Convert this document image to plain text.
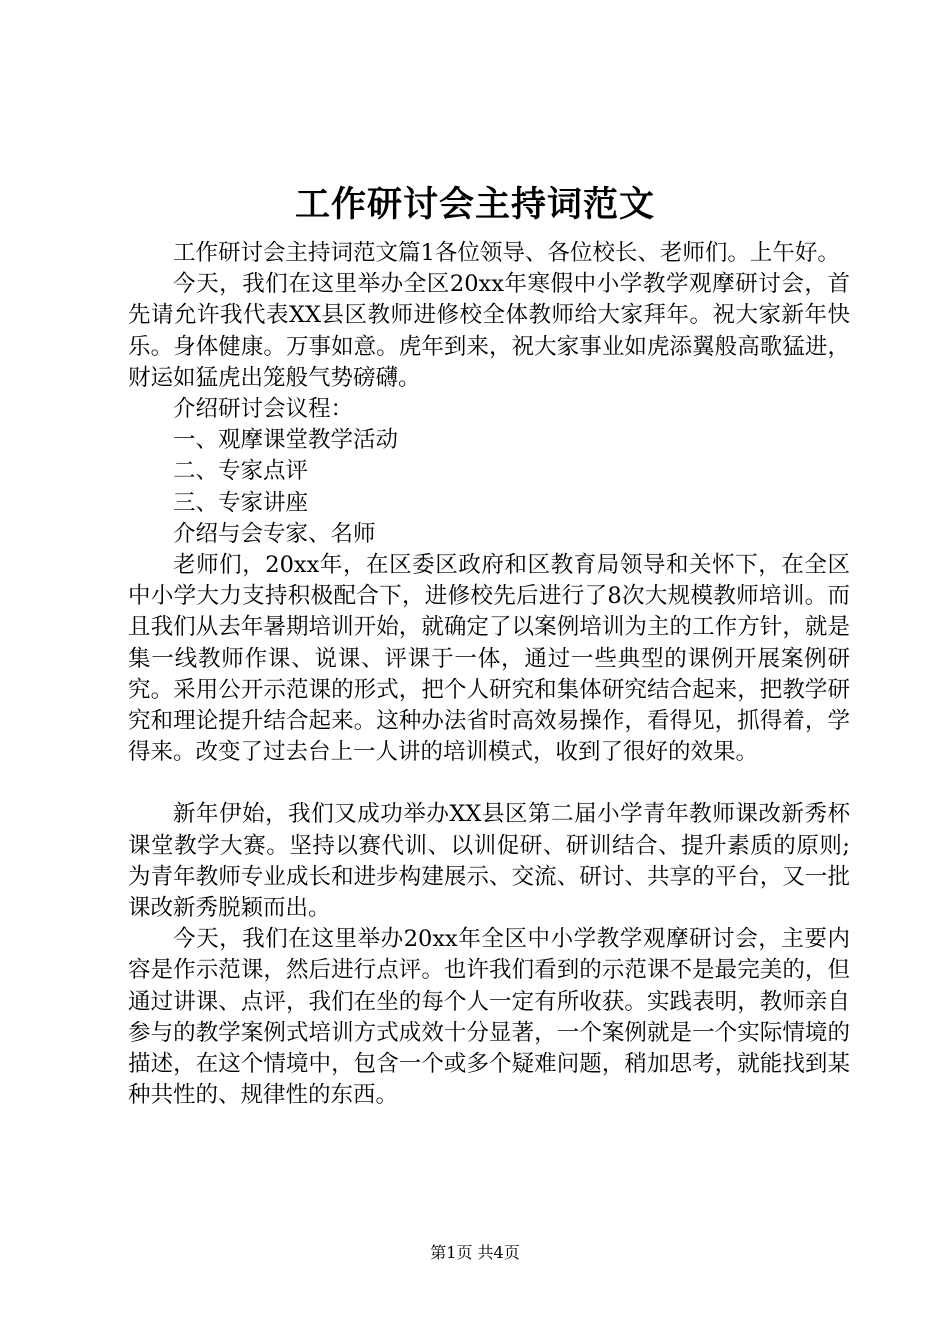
工作研讨会主持词范文

工作研讨会主持词范文篇1各位领导、各位校长、老师们。上午好。

今天，我们在这里举办全区20xx年寒假中小学教学观摩研讨会，首先请允许我代表XX县区教师进修校全体教师给大家拜年。祝大家新年快乐。身体健康。万事如意。虎年到来，祝大家事业如虎添翼般高歌猛进，财运如猛虎出笼般气势磅礴。

介绍研讨会议程：

一、观摩课堂教学活动

二、专家点评

三、专家讲座

介绍与会专家、名师

老师们，20xx年，在区委区政府和区教育局领导和关怀下，在全区中小学大力支持积极配合下，进修校先后进行了8次大规模教师培训。而且我们从去年暑期培训开始，就确定了以案例培训为主的工作方针，就是集一线教师作课、说课、评课于一体，通过一些典型的课例开展案例研究。采用公开示范课的形式，把个人研究和集体研究结合起来，把教学研究和理论提升结合起来。这种办法省时高效易操作，看得见，抓得着，学得来。改变了过去台上一人讲的培训模式，收到了很好的效果。

新年伊始，我们又成功举办XX县区第二届小学青年教师课改新秀杯课堂教学大赛。坚持以赛代训、以训促研、研训结合、提升素质的原则;为青年教师专业成长和进步构建展示、交流、研讨、共享的平台，又一批课改新秀脱颖而出。

今天，我们在这里举办20xx年全区中小学教学观摩研讨会，主要内容是作示范课，然后进行点评。也许我们看到的示范课不是最完美的，但通过讲课、点评，我们在坐的每个人一定有所收获。实践表明，教师亲自参与的教学案例式培训方式成效十分显著，一个案例就是一个实际情境的描述，在这个情境中，包含一个或多个疑难问题，稍加思考，就能找到某种共性的、规律性的东西。

第1页 共4页
